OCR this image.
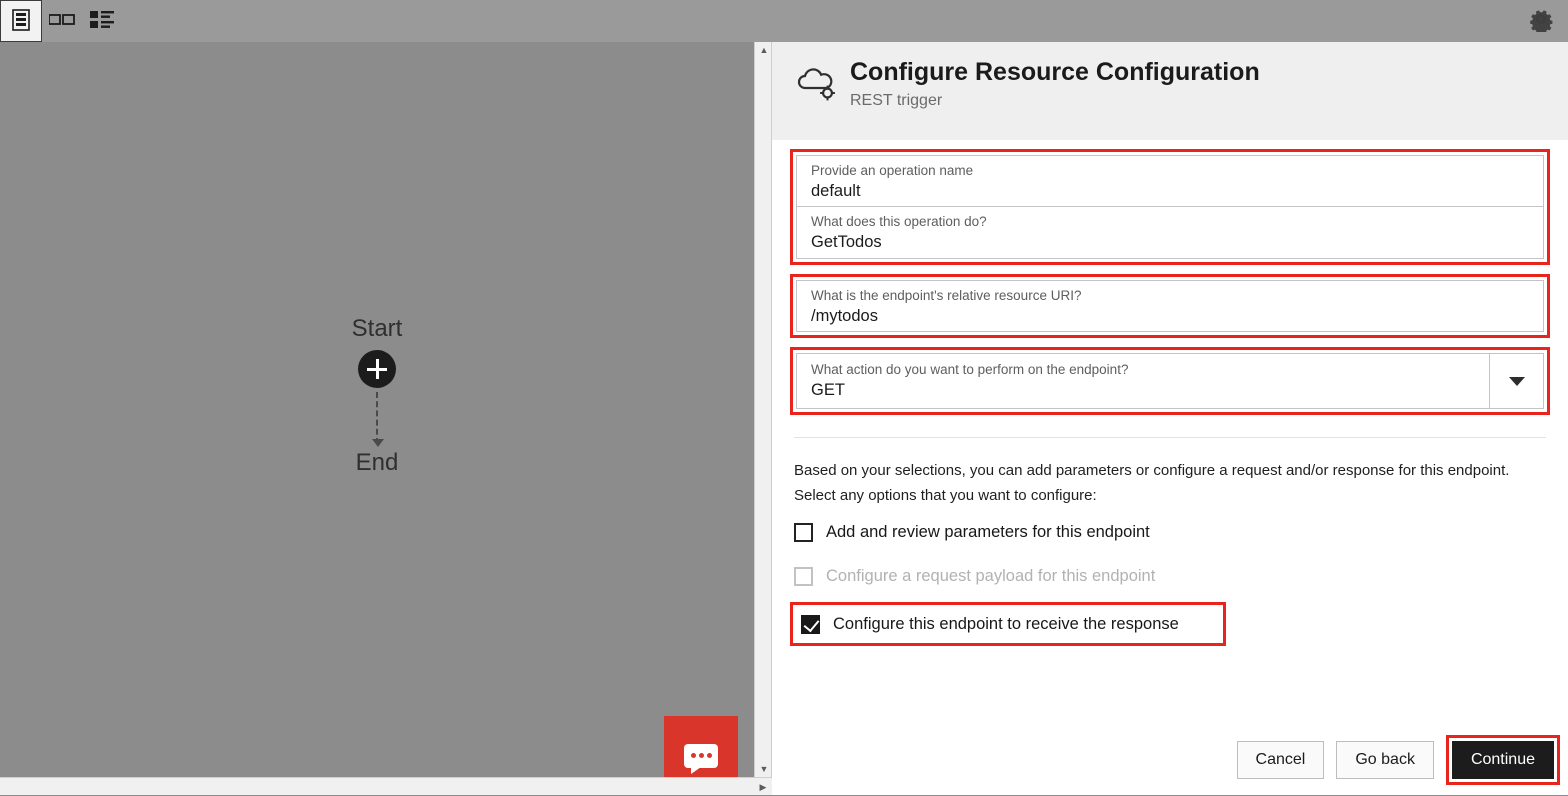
Start
End
▲
▼
▶
Configure Resource Configuration
REST trigger
Provide an operation name
default
What does this operation do?
GetTodos
What is the endpoint's relative resource URI?
/mytodos
What action do you want to perform on the endpoint?
GET
Based on your selections, you can add parameters or configure a request and/or response for this endpoint.
Select any options that you want to configure:
Add and review parameters for this endpoint
Configure a request payload for this endpoint
Configure this endpoint to receive the response
Cancel	Go back	Continue
